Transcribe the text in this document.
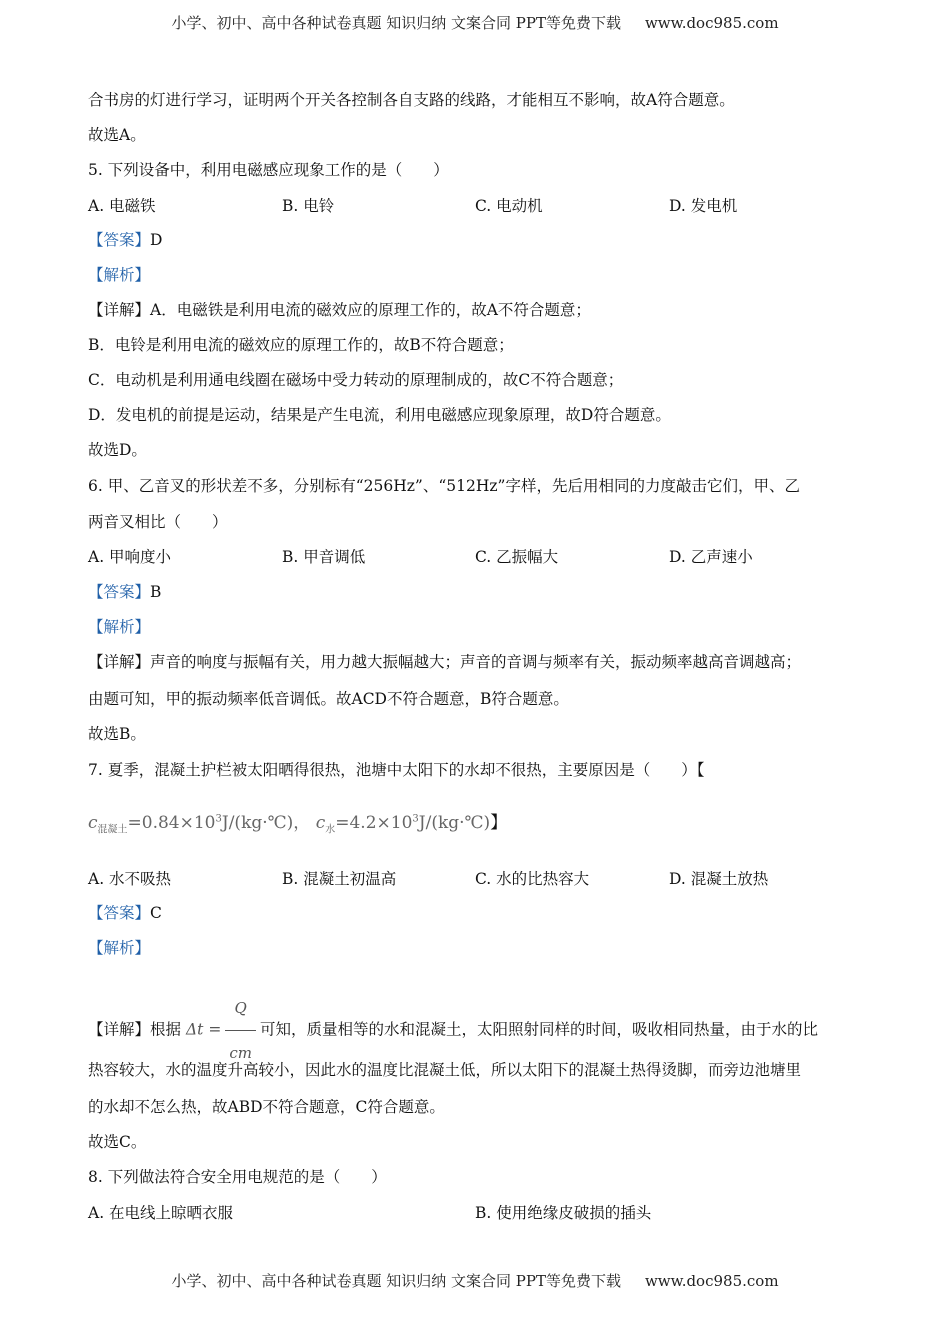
小学、初中、高中各种试卷真题 知识归纳 文案合同 PPT等免费下载 www.doc985.com
合书房的灯进行学习，证明两个开关各控制各自支路的线路，才能相互不影响，故A符合题意。
故选A。
5. 下列设备中，利用电磁感应现象工作的是（　　）
A. 电磁铁	B. 电铃	C. 电动机	D. 发电机
【答案】D
【解析】
【详解】A．电磁铁是利用电流的磁效应的原理工作的，故A不符合题意；
B．电铃是利用电流的磁效应的原理工作的，故B不符合题意；
C．电动机是利用通电线圈在磁场中受力转动的原理制成的，故C不符合题意；
D．发电机的前提是运动，结果是产生电流，利用电磁感应现象原理，故D符合题意。
故选D。
6. 甲、乙音叉的形状差不多，分别标有“256Hz”、“512Hz”字样，先后用相同的力度敲击它们，甲、乙
两音叉相比（　　）
A. 甲响度小	B. 甲音调低	C. 乙振幅大	D. 乙声速小
【答案】B
【解析】
【详解】声音的响度与振幅有关，用力越大振幅越大；声音的音调与频率有关，振动频率越高音调越高；
由题可知，甲的振动频率低音调低。故ACD不符合题意，B符合题意。
故选B。
7. 夏季，混凝土护栏被太阳晒得很热，池塘中太阳下的水却不很热，主要原因是（　　）【
$c_{混凝土}=0.84\times 10^3J/(kg\cdot℃)$， $c_水=4.2\times 10^3J/(kg\cdot℃)$】
A. 水不吸热	B. 混凝土初温高	C. 水的比热容大	D. 混凝土放热
【答案】C
【解析】
【详解】根据 $\Delta t = \frac{Q}{cm}$ 可知，质量相等的水和混凝土，太阳照射同样的时间，吸收相同热量，由于水的比
热容较大，水的温度升高较小，因此水的温度比混凝土低，所以太阳下的混凝土热得烫脚，而旁边池塘里
的水却不怎么热，故ABD不符合题意，C符合题意。
故选C。
8. 下列做法符合安全用电规范的是（　　）
A. 在电线上晾晒衣服	B. 使用绝缘皮破损的插头
小学、初中、高中各种试卷真题 知识归纳 文案合同 PPT等免费下载 www.doc985.com
